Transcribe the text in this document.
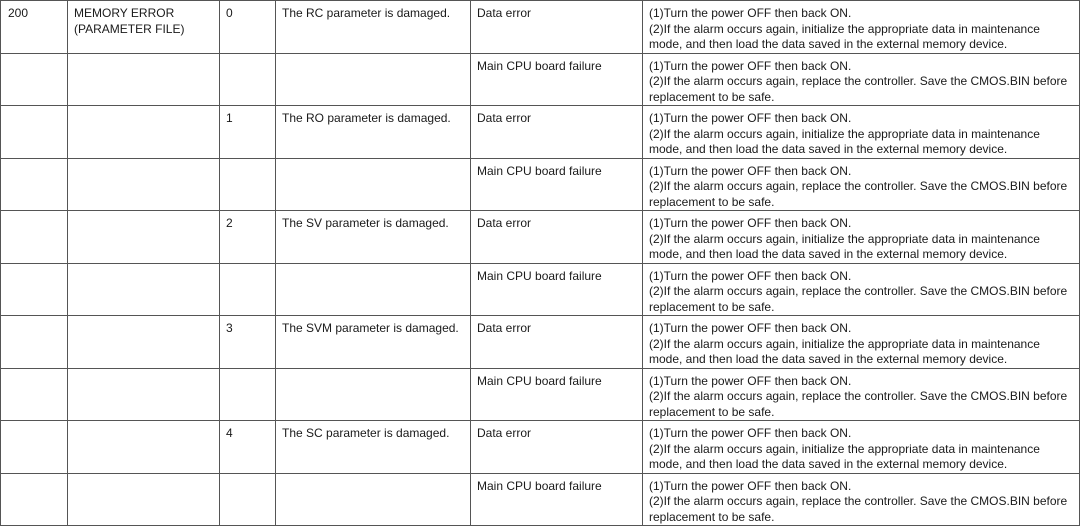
200	MEMORY ERROR
(PARAMETER FILE)	0	The RC parameter is damaged.	Data error	(1)Turn the power OFF then back ON.
(2)If the alarm occurs again, initialize the appropriate data in maintenance
mode, and then load the data saved in the external memory device.

				Main CPU board failure	(1)Turn the power OFF then back ON.
(2)If the alarm occurs again, replace the controller. Save the CMOS.BIN before
replacement to be safe.

		1	The RO parameter is damaged.	Data error	(1)Turn the power OFF then back ON.
(2)If the alarm occurs again, initialize the appropriate data in maintenance
mode, and then load the data saved in the external memory device.

				Main CPU board failure	(1)Turn the power OFF then back ON.
(2)If the alarm occurs again, replace the controller. Save the CMOS.BIN before
replacement to be safe.

		2	The SV parameter is damaged.	Data error	(1)Turn the power OFF then back ON.
(2)If the alarm occurs again, initialize the appropriate data in maintenance
mode, and then load the data saved in the external memory device.

				Main CPU board failure	(1)Turn the power OFF then back ON.
(2)If the alarm occurs again, replace the controller. Save the CMOS.BIN before
replacement to be safe.

		3	The SVM parameter is damaged.	Data error	(1)Turn the power OFF then back ON.
(2)If the alarm occurs again, initialize the appropriate data in maintenance
mode, and then load the data saved in the external memory device.

				Main CPU board failure	(1)Turn the power OFF then back ON.
(2)If the alarm occurs again, replace the controller. Save the CMOS.BIN before
replacement to be safe.

		4	The SC parameter is damaged.	Data error	(1)Turn the power OFF then back ON.
(2)If the alarm occurs again, initialize the appropriate data in maintenance
mode, and then load the data saved in the external memory device.

				Main CPU board failure	(1)Turn the power OFF then back ON.
(2)If the alarm occurs again, replace the controller. Save the CMOS.BIN before
replacement to be safe.
